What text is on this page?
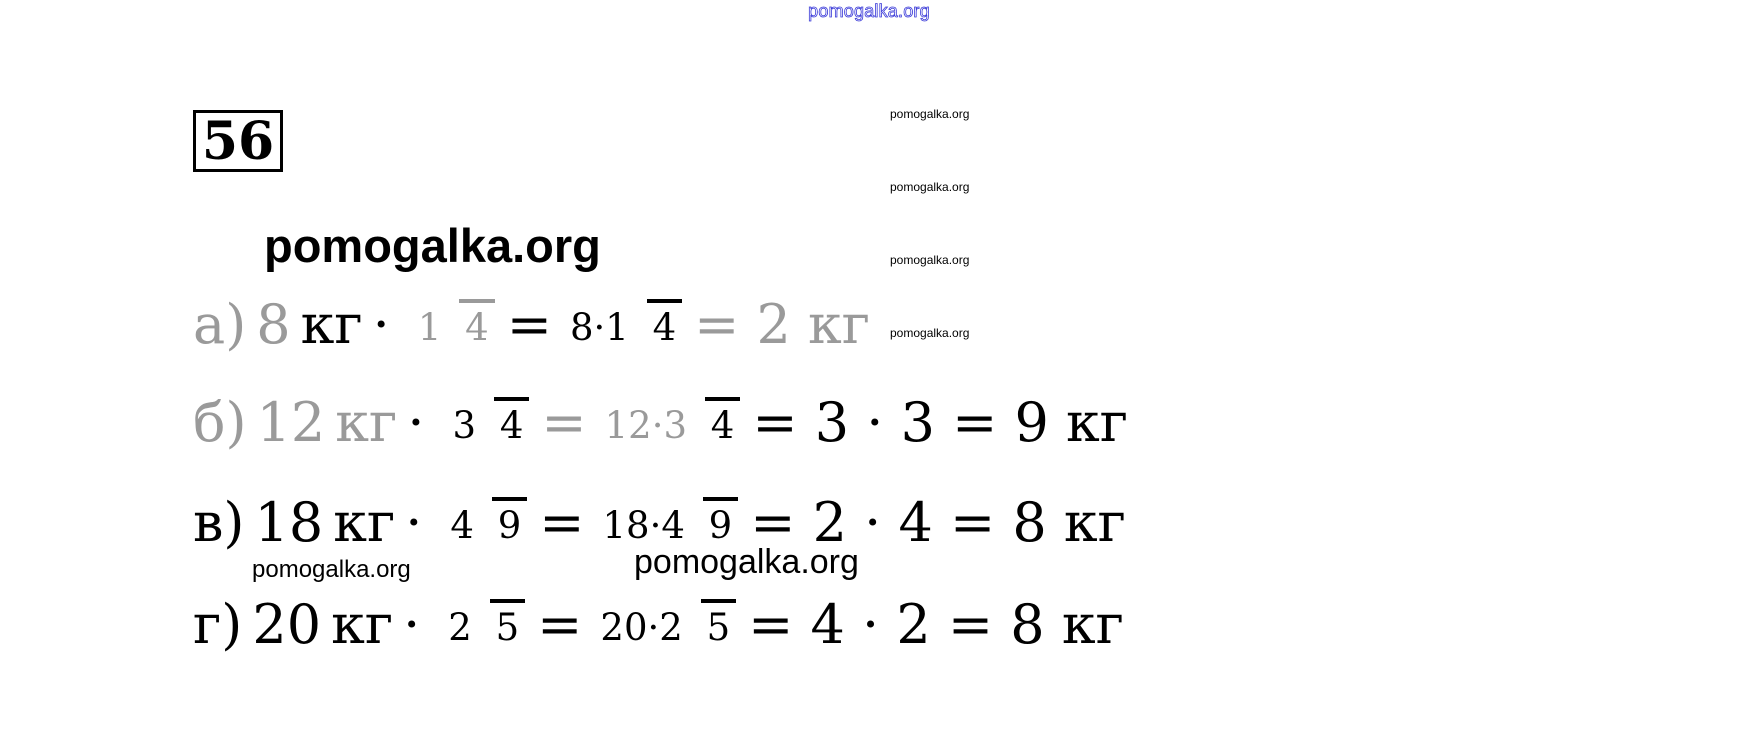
pomogalka.org
pomogalka.org
pomogalka.org
pomogalka.org
pomogalka.org
56
pomogalka.org
а) 8 кг · 1 4 = 8·1 4 = 2 кг
б) 12 кг · 3 4 = 12·3 4 = 3 · 3 = 9 кг
в) 18 кг · 4 9 = 18·4 9 = 2 · 4 = 8 кг
г) 20 кг · 2 5 = 20·2 5 = 4 · 2 = 8 кг
pomogalka.org	pomogalka.org
